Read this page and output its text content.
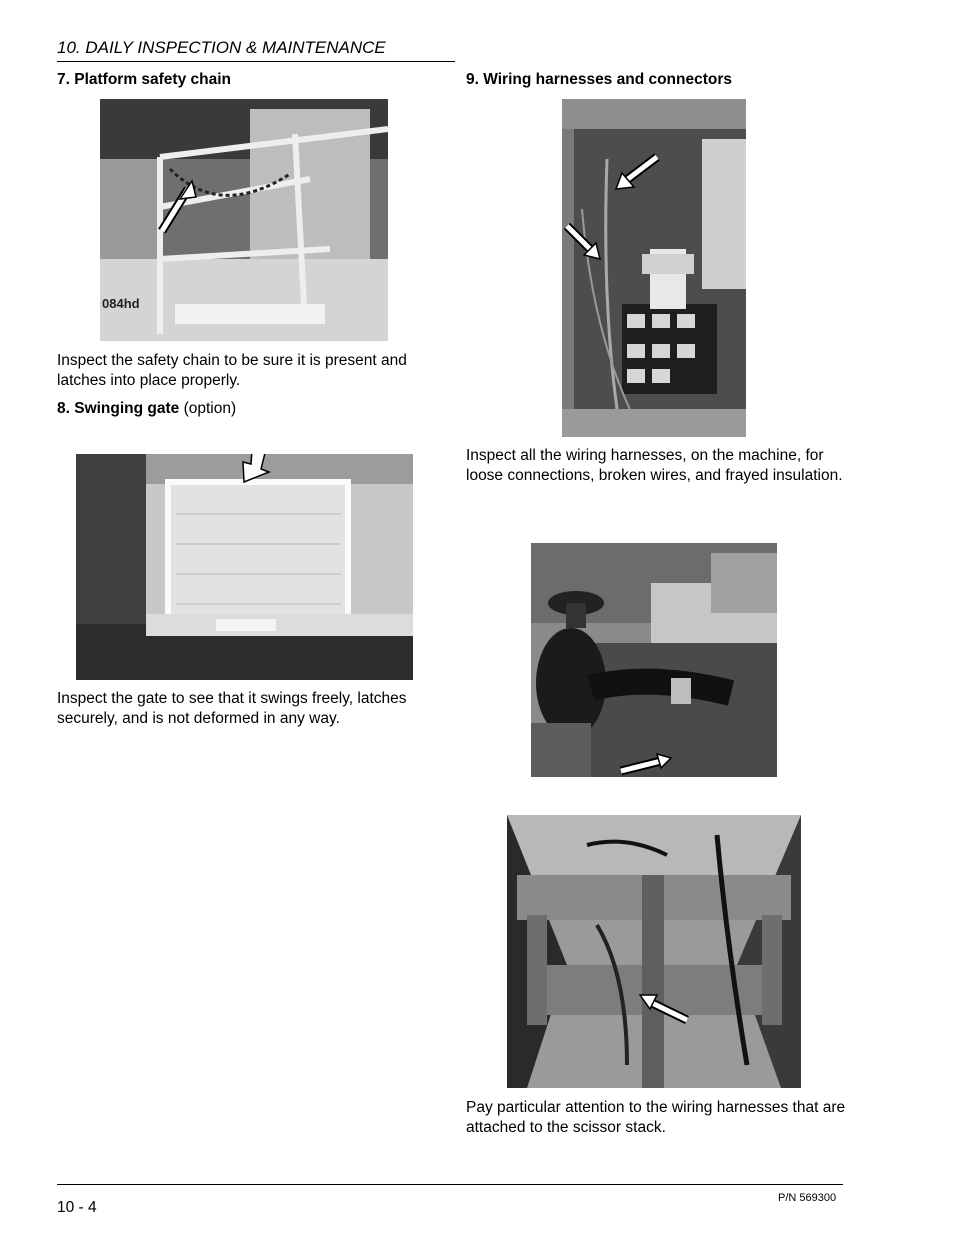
10. DAILY INSPECTION & MAINTENANCE
7. Platform safety chain
084hd
Inspect the safety chain to be sure it is present and latches into place properly.
8. Swinging gate (option)
Inspect the gate to see that it swings freely, latches securely, and is not deformed in any way.
9. Wiring harnesses and connectors
Inspect all the wiring harnesses, on the machine, for loose connections, broken wires, and frayed insulation.
Pay particular attention to the wiring harnesses that are attached to the scissor stack.
10 - 4
P/N 569300
